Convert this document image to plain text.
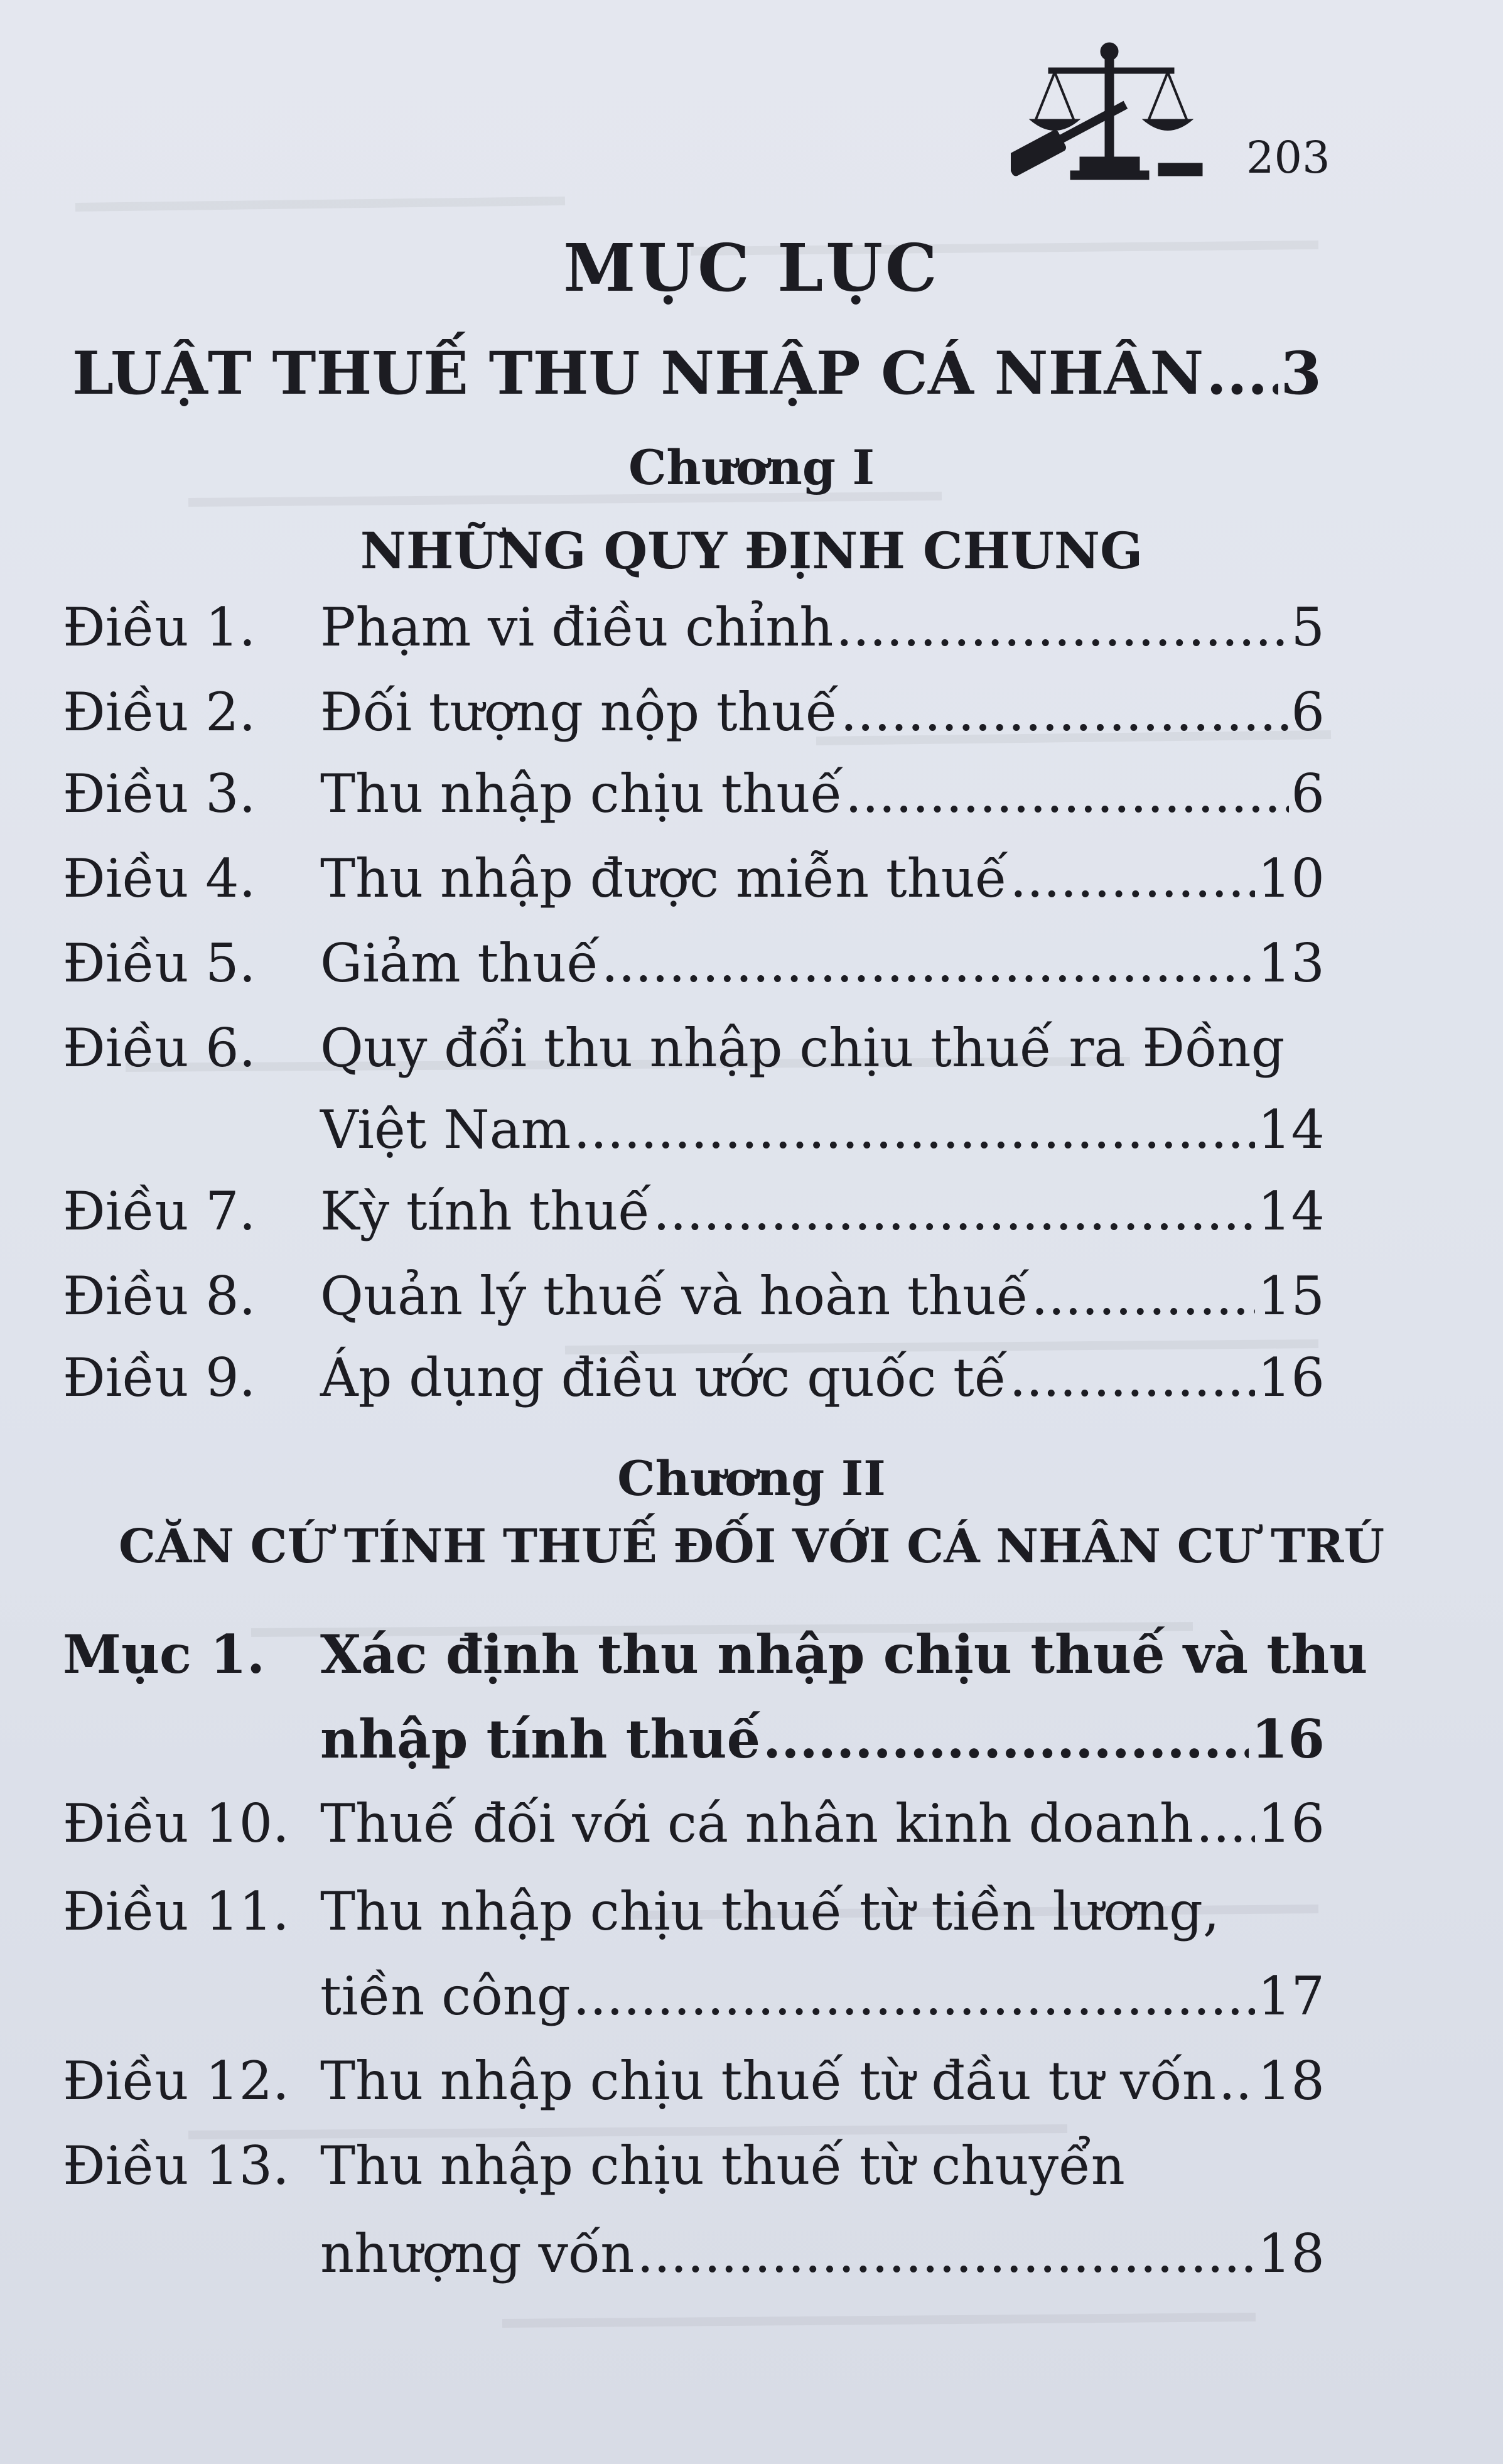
203
MỤC LỤC
LUẬT THUẾ THU NHẬP CÁ NHÂN ..... 3
Chương I
NHỮNG QUY ĐỊNH CHUNG
Điều 1.	Phạm vi điều chỉnh .....	5
Điều 2.	Đối tượng nộp thuế .....	6
Điều 3.	Thu nhập chịu thuế .....	6
Điều 4.	Thu nhập được miễn thuế .....	10
Điều 5.	Giảm thuế .....	13
Điều 6.	Quy đổi thu nhập chịu thuế ra Đồng
Việt Nam .....	14
Điều 7.	Kỳ tính thuế .....	14
Điều 8.	Quản lý thuế và hoàn thuế .....	15
Điều 9.	Áp dụng điều ước quốc tế .....	16
Chương II
CĂN CỨ TÍNH THUẾ ĐỐI VỚI CÁ NHÂN CƯ TRÚ
Mục 1.	Xác định thu nhập chịu thuế và thu
nhập tính thuế .....	16
Điều 10. Thuế đối với cá nhân kinh doanh ..... 16
Điều 11. Thu nhập chịu thuế từ tiền lương,
tiền công .....	17
Điều 12. Thu nhập chịu thuế từ đầu tư vốn ..... 18
Điều 13. Thu nhập chịu thuế từ chuyển
nhượng vốn .....	18
